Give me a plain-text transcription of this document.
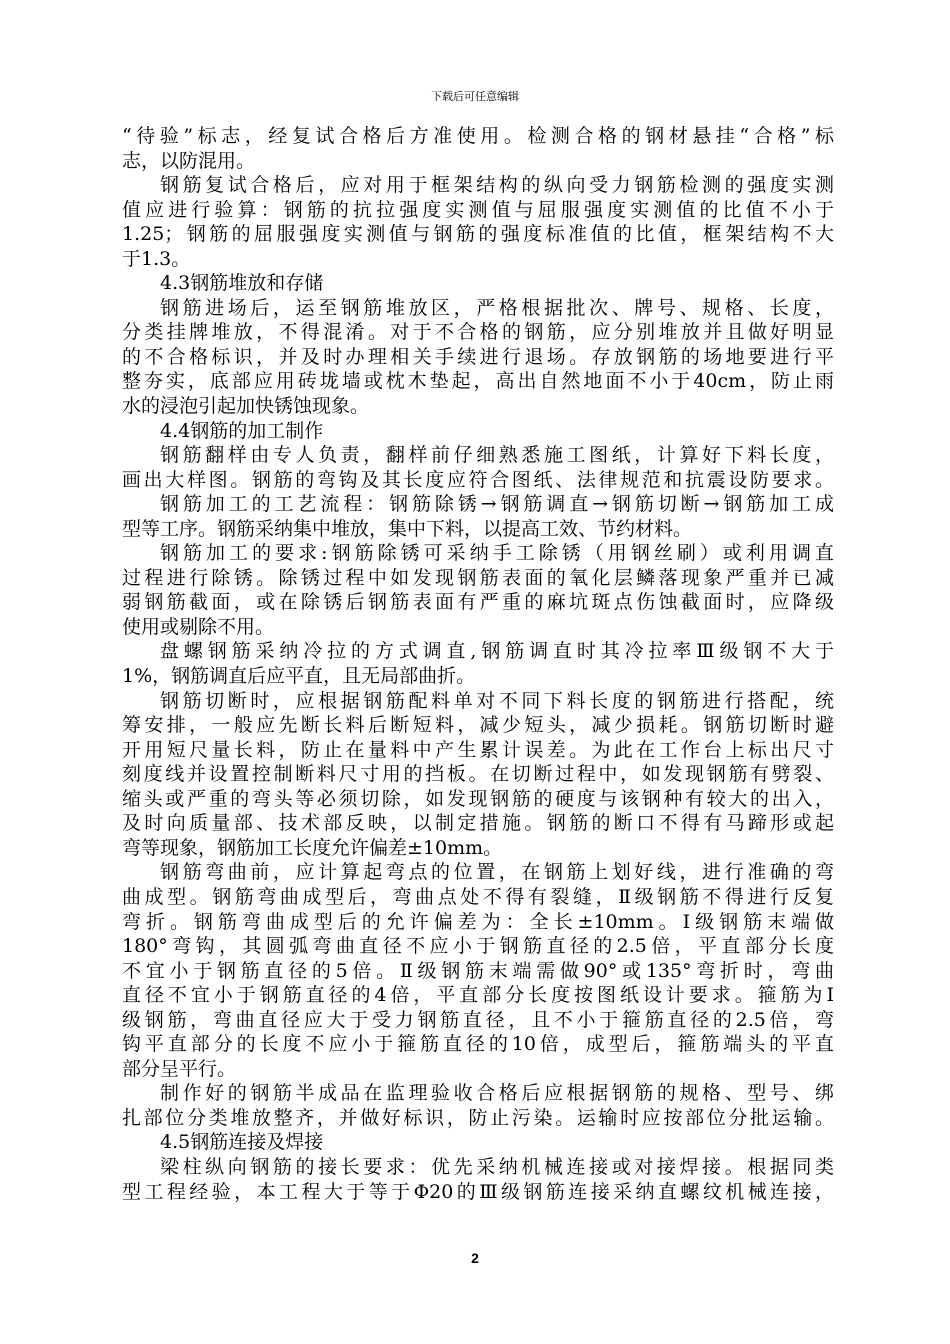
下载后可任意编辑
“待验”标志，经复试合格后方准使用。检测合格的钢材悬挂“合格”标
志，以防混用。
钢筋复试合格后，应对用于框架结构的纵向受力钢筋检测的强度实测
值应进行验算：钢筋的抗拉强度实测值与屈服强度实测值的比值不小于
1.25；钢筋的屈服强度实测值与钢筋的强度标准值的比值，框架结构不大
于1.3。
4.3钢筋堆放和存储
钢筋进场后，运至钢筋堆放区，严格根据批次、牌号、规格、长度，
分类挂牌堆放，不得混淆。对于不合格的钢筋，应分别堆放并且做好明显
的不合格标识，并及时办理相关手续进行退场。存放钢筋的场地要进行平
整夯实，底部应用砖垅墙或枕木垫起，高出自然地面不小于40cm，防止雨
水的浸泡引起加快锈蚀现象。
4.4钢筋的加工制作
钢筋翻样由专人负责，翻样前仔细熟悉施工图纸，计算好下料长度，
画出大样图。钢筋的弯钩及其长度应符合图纸、法律规范和抗震设防要求。
钢筋加工的工艺流程：钢筋除锈→钢筋调直→钢筋切断→钢筋加工成
型等工序。钢筋采纳集中堆放，集中下料，以提高工效、节约材料。
钢筋加工的要求:钢筋除锈可采纳手工除锈（用钢丝刷）或利用调直
过程进行除锈。除锈过程中如发现钢筋表面的氧化层鳞落现象严重并已减
弱钢筋截面，或在除锈后钢筋表面有严重的麻坑斑点伤蚀截面时，应降级
使用或剔除不用。
盘螺钢筋采纳冷拉的方式调直,钢筋调直时其冷拉率Ⅲ级钢不大于
1%，钢筋调直后应平直，且无局部曲折。
钢筋切断时，应根据钢筋配料单对不同下料长度的钢筋进行搭配，统
筹安排，一般应先断长料后断短料，减少短头，减少损耗。钢筋切断时避
开用短尺量长料，防止在量料中产生累计误差。为此在工作台上标出尺寸
刻度线并设置控制断料尺寸用的挡板。在切断过程中，如发现钢筋有劈裂、
缩头或严重的弯头等必须切除，如发现钢筋的硬度与该钢种有较大的出入，
及时向质量部、技术部反映，以制定措施。钢筋的断口不得有马蹄形或起
弯等现象，钢筋加工长度允许偏差±10mm。
钢筋弯曲前，应计算起弯点的位置，在钢筋上划好线，进行准确的弯
曲成型。钢筋弯曲成型后，弯曲点处不得有裂缝，Ⅱ级钢筋不得进行反复
弯折。钢筋弯曲成型后的允许偏差为：全长±10mm。Ⅰ级钢筋末端做
180°弯钩，其圆弧弯曲直径不应小于钢筋直径的2.5倍，平直部分长度
不宜小于钢筋直径的5倍。Ⅱ级钢筋末端需做90°或135°弯折时，弯曲
直径不宜小于钢筋直径的4倍，平直部分长度按图纸设计要求。箍筋为Ⅰ
级钢筋，弯曲直径应大于受力钢筋直径，且不小于箍筋直径的2.5倍，弯
钩平直部分的长度不应小于箍筋直径的10倍，成型后，箍筋端头的平直
部分呈平行。
制作好的钢筋半成品在监理验收合格后应根据钢筋的规格、型号、绑
扎部位分类堆放整齐，并做好标识，防止污染。运输时应按部位分批运输。
4.5钢筋连接及焊接
梁柱纵向钢筋的接长要求：优先采纳机械连接或对接焊接。根据同类
型工程经验，本工程大于等于Φ20的Ⅲ级钢筋连接采纳直螺纹机械连接，
2
